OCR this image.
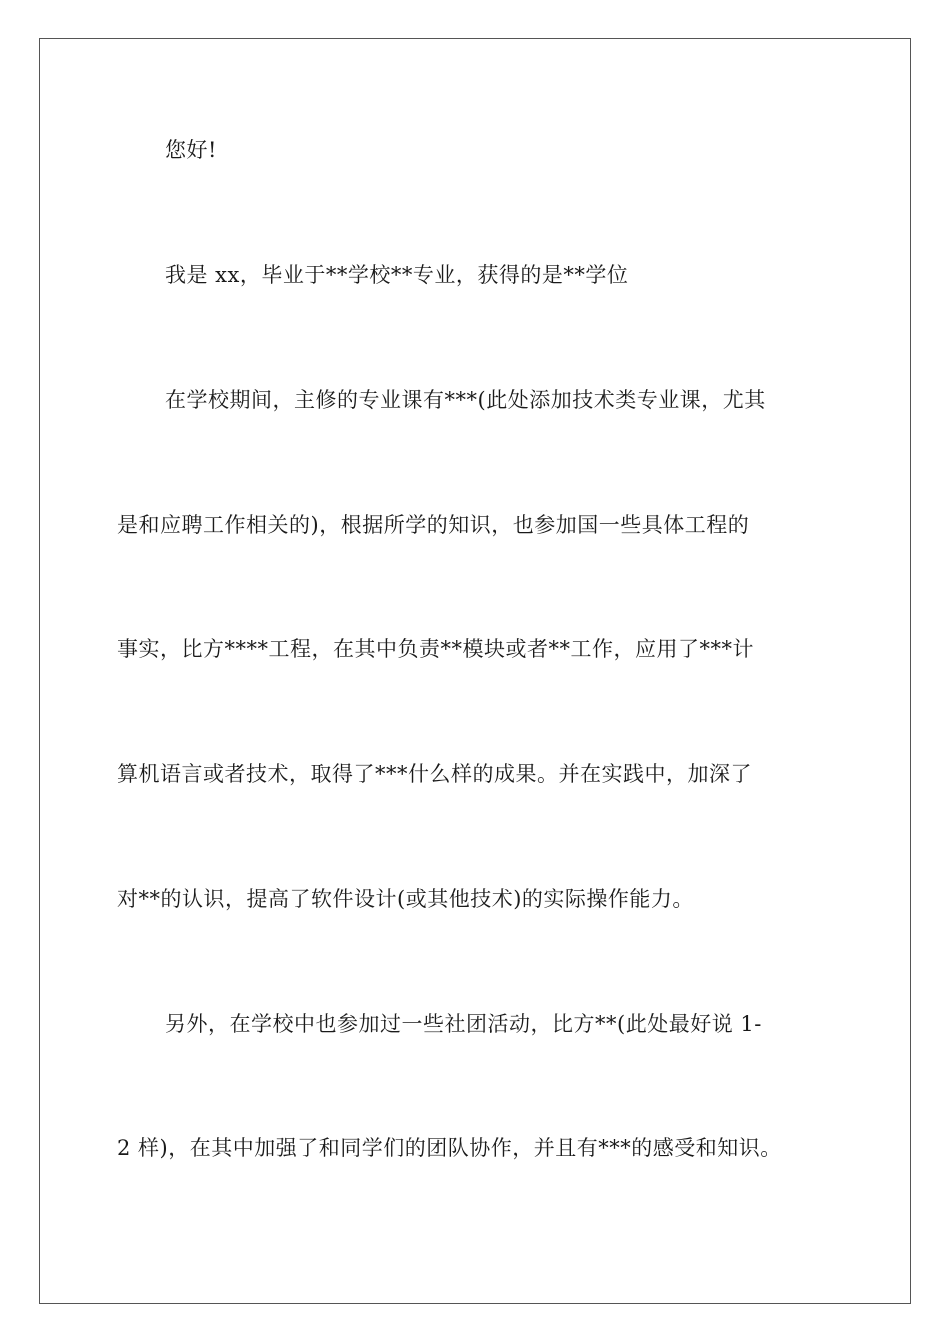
您好!
我是 xx，毕业于**学校**专业，获得的是**学位
在学校期间，主修的专业课有***(此处添加技术类专业课，尤其
是和应聘工作相关的)，根据所学的知识，也参加国一些具体工程的
事实，比方****工程，在其中负责**模块或者**工作，应用了***计
算机语言或者技术，取得了***什么样的成果。并在实践中，加深了
对**的认识，提高了软件设计(或其他技术)的实际操作能力。
另外，在学校中也参加过一些社团活动，比方**(此处最好说 1-
2 样)，在其中加强了和同学们的团队协作，并且有***的感受和知识。
